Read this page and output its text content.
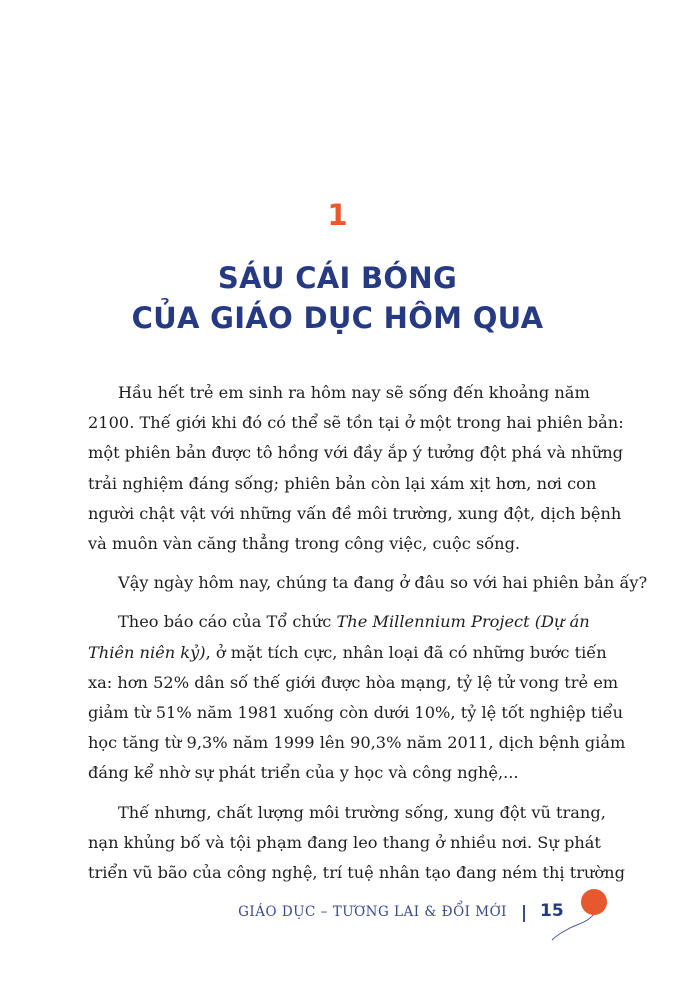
1
SÁU CÁI BÓNG
CỦA GIÁO DỤC HÔM QUA
Hầu hết trẻ em sinh ra hôm nay sẽ sống đến khoảng năm
2100. Thế giới khi đó có thể sẽ tồn tại ở một trong hai phiên bản:
một phiên bản được tô hồng với đầy ắp ý tưởng đột phá và những
trải nghiệm đáng sống; phiên bản còn lại xám xịt hơn, nơi con
người chật vật với những vấn đề môi trường, xung đột, dịch bệnh
và muôn vàn căng thẳng trong công việc, cuộc sống.
Vậy ngày hôm nay, chúng ta đang ở đâu so với hai phiên bản ấy?
Theo báo cáo của Tổ chức The Millennium Project (Dự án
Thiên niên kỷ), ở mặt tích cực, nhân loại đã có những bước tiến
xa: hơn 52% dân số thế giới được hòa mạng, tỷ lệ tử vong trẻ em
giảm từ 51% năm 1981 xuống còn dưới 10%, tỷ lệ tốt nghiệp tiểu
học tăng từ 9,3% năm 1999 lên 90,3% năm 2011, dịch bệnh giảm
đáng kể nhờ sự phát triển của y học và công nghệ,...
Thế nhưng, chất lượng môi trường sống, xung đột vũ trang,
nạn khủng bố và tội phạm đang leo thang ở nhiều nơi. Sự phát
triển vũ bão của công nghệ, trí tuệ nhân tạo đang ném thị trường
GIÁO DỤC – TƯƠNG LAI & ĐỔI MỚI 15
